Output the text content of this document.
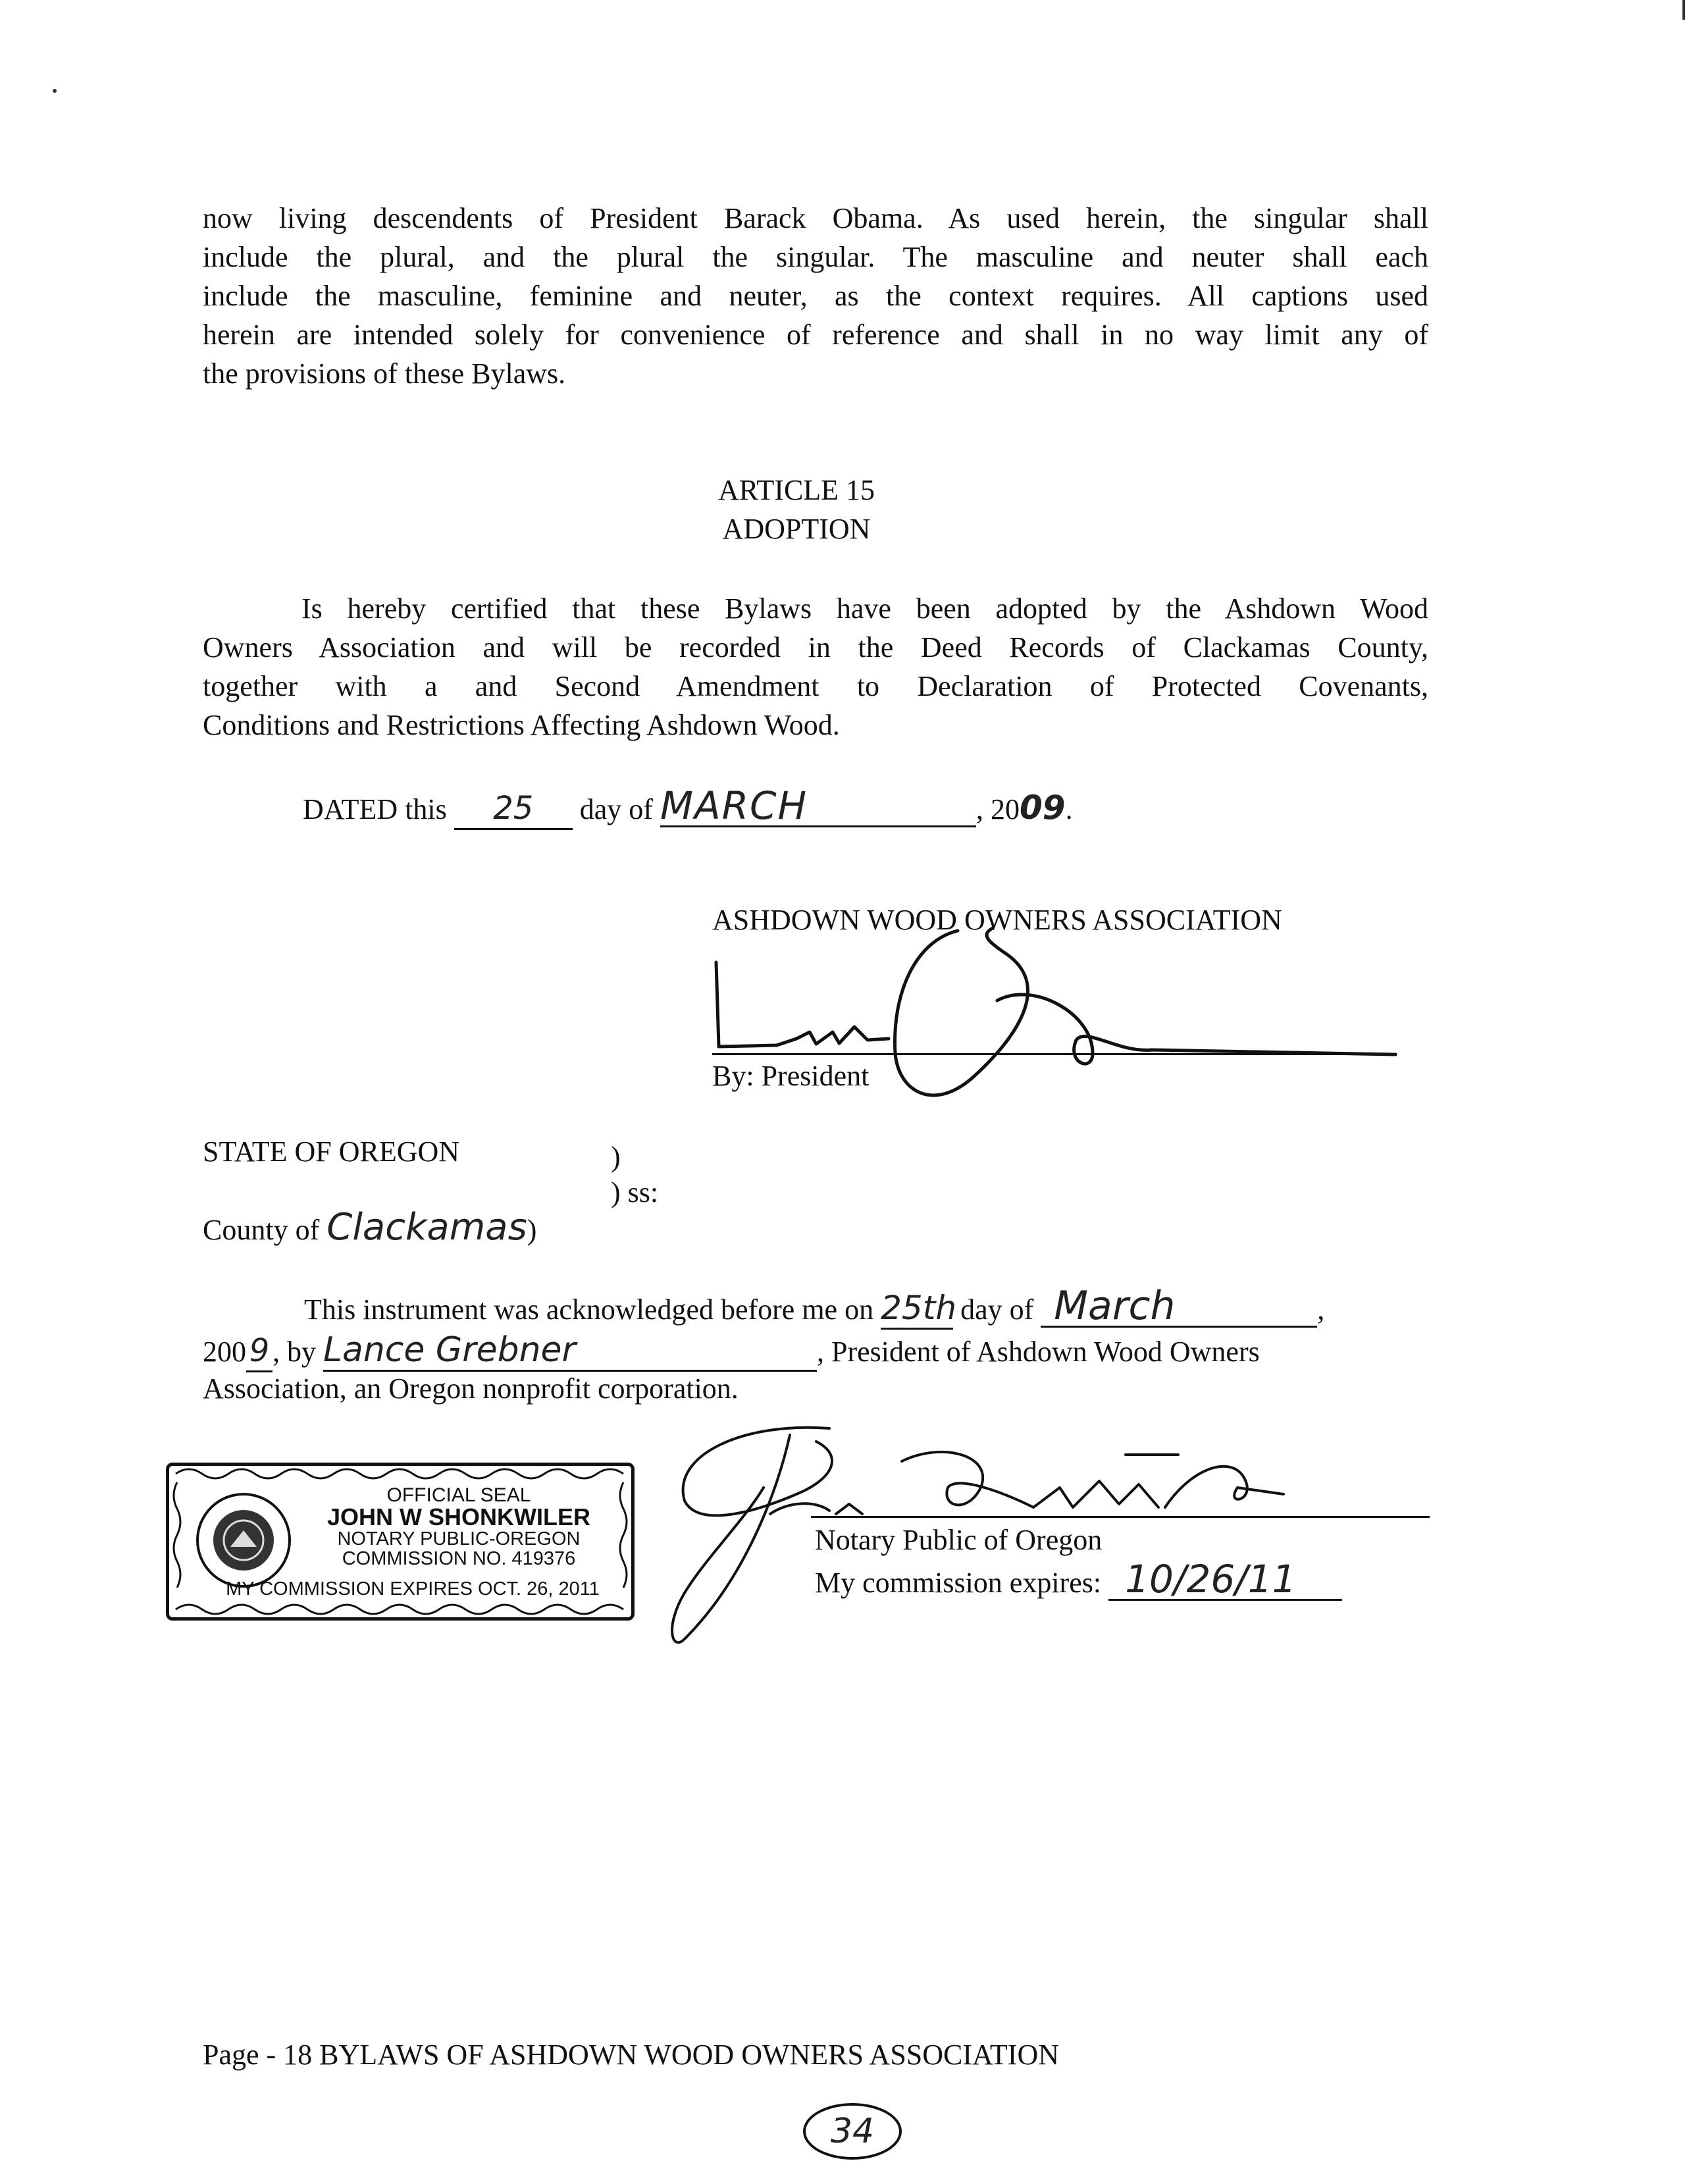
now living descendents of President Barack Obama. As used herein, the singular shall
include the plural, and the plural the singular. The masculine and neuter shall each
include the masculine, feminine and neuter, as the context requires. All captions used
herein are intended solely for convenience of reference and shall in no way limit any of
the provisions of these Bylaws.
ARTICLE 15
ADOPTION
Is hereby certified that these Bylaws have been adopted by the Ashdown Wood
Owners Association and will be recorded in the Deed Records of Clackamas County,
together with a and Second Amendment to Declaration of Protected Covenants,
Conditions and Restrictions Affecting Ashdown Wood.
DATED this 25 day of MARCH	, 2009.
ASHDOWN WOOD OWNERS ASSOCIATION
By: President
STATE OF OREGON	)
) ss:
County of Clackamas)
This instrument was acknowledged before me on 25th day of March	,
2009 , by Lance Grebner	, President of Ashdown Wood Owners
Association, an Oregon nonprofit corporation.
OFFICIAL SEAL
JOHN W SHONKWILER
NOTARY PUBLIC-OREGON
COMMISSION NO. 419376
MY COMMISSION EXPIRES OCT. 26, 2011
Notary Public of Oregon
My commission expires: 10/26/11
Page - 18 BYLAWS OF ASHDOWN WOOD OWNERS ASSOCIATION
34
